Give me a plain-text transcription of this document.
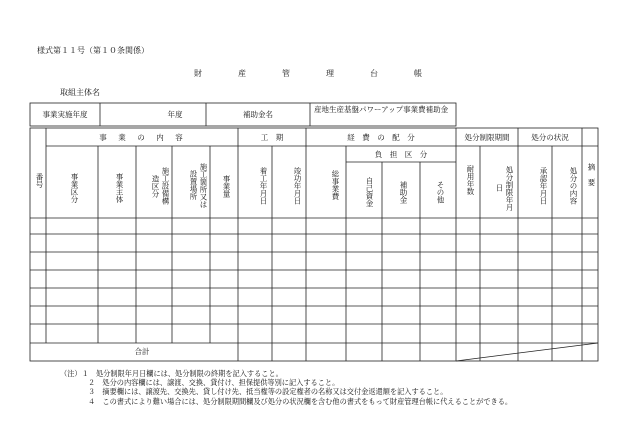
様式第１１号（第１０条関係）
財　産　管　理　台　帳
取組主体名
事業実施年度	年度	補助金名
産地生産基盤パワーアップ事業費補助金
事　業　の　内　容	工　期	経　費　の　配　分
負　担　区　分
処分制限期間	処分の状況
番号	事業区分	事業主体	施工設備構造区分	施工箇所又は設置場所	事業量	着工年月日	竣功年月日	総事業費	自己資金	補助金	その他	耐用年数	処分制限年月日	承認年月日	処分の内容	摘要
合計
（注）１　処分制限年月日欄には、処分制限の終期を記入すること。
２　処分の内容欄には、譲渡、交換、貸付け、担保提供等別に記入すること。
３　摘要欄には、譲渡先、交換先、貸し付け先、抵当権等の設定権者の名称又は交付金返還額を記入すること。
４　この書式により難い場合には、処分制限期間欄及び処分の状況欄を含む他の書式をもって財産管理台帳に代えることができる。
